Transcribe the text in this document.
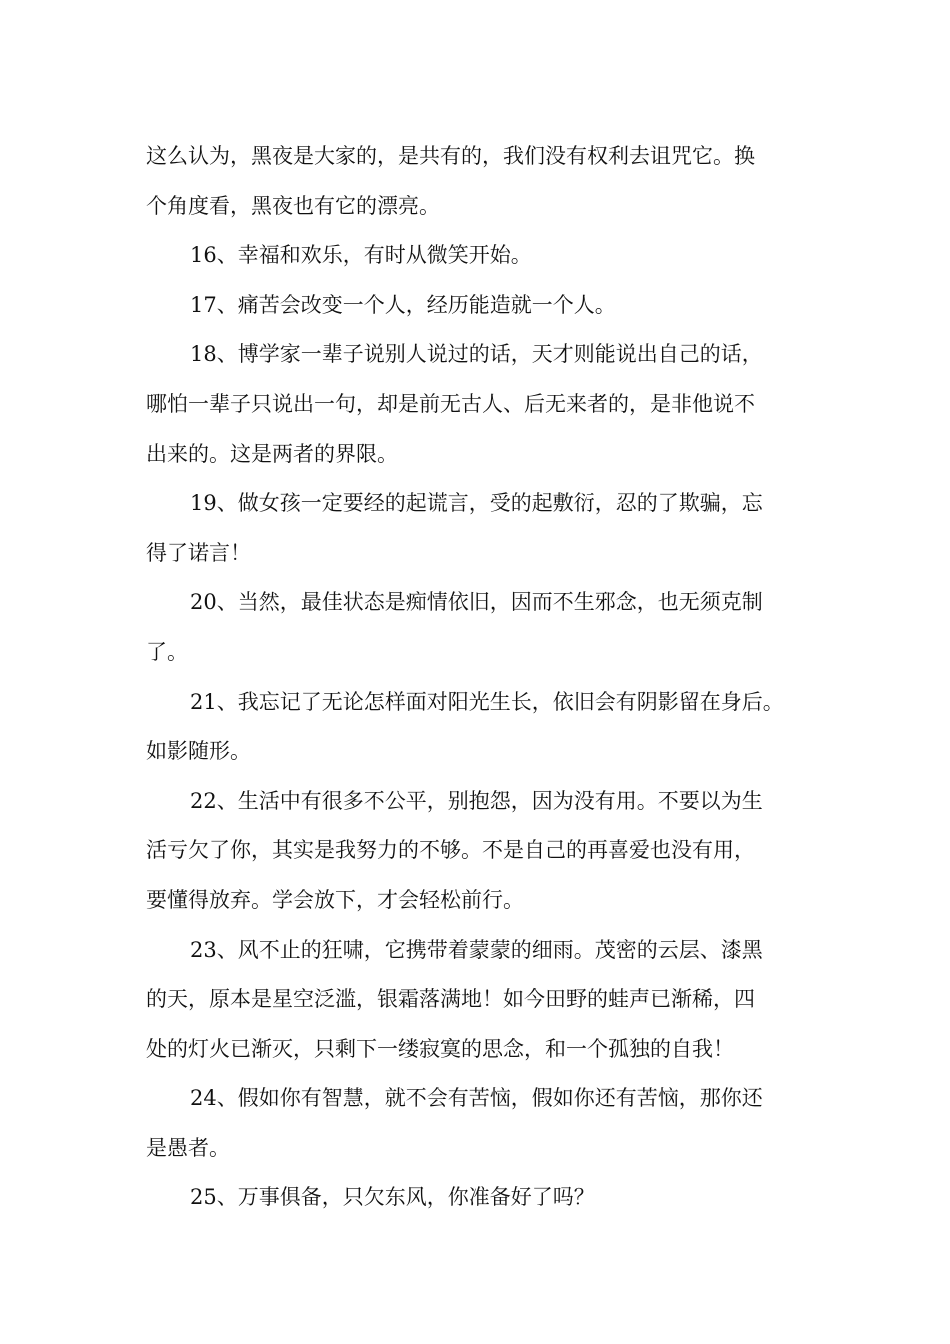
这么认为，黑夜是大家的，是共有的，我们没有权利去诅咒它。换
个角度看，黑夜也有它的漂亮。
16、幸福和欢乐，有时从微笑开始。
17、痛苦会改变一个人，经历能造就一个人。
18、博学家一辈子说别人说过的话，天才则能说出自己的话，
哪怕一辈子只说出一句，却是前无古人、后无来者的，是非他说不
出来的。这是两者的界限。
19、做女孩一定要经的起谎言，受的起敷衍，忍的了欺骗，忘
得了诺言！
20、当然，最佳状态是痴情依旧，因而不生邪念，也无须克制
了。
21、我忘记了无论怎样面对阳光生长，依旧会有阴影留在身后。
如影随形。
22、生活中有很多不公平，别抱怨，因为没有用。不要以为生
活亏欠了你，其实是我努力的不够。不是自己的再喜爱也没有用，
要懂得放弃。学会放下，才会轻松前行。
23、风不止的狂啸，它携带着蒙蒙的细雨。茂密的云层、漆黑
的天，原本是星空泛滥，银霜落满地！如今田野的蛙声已渐稀，四
处的灯火已渐灭，只剩下一缕寂寞的思念，和一个孤独的自我！
24、假如你有智慧，就不会有苦恼，假如你还有苦恼，那你还
是愚者。
25、万事俱备，只欠东风，你准备好了吗？
